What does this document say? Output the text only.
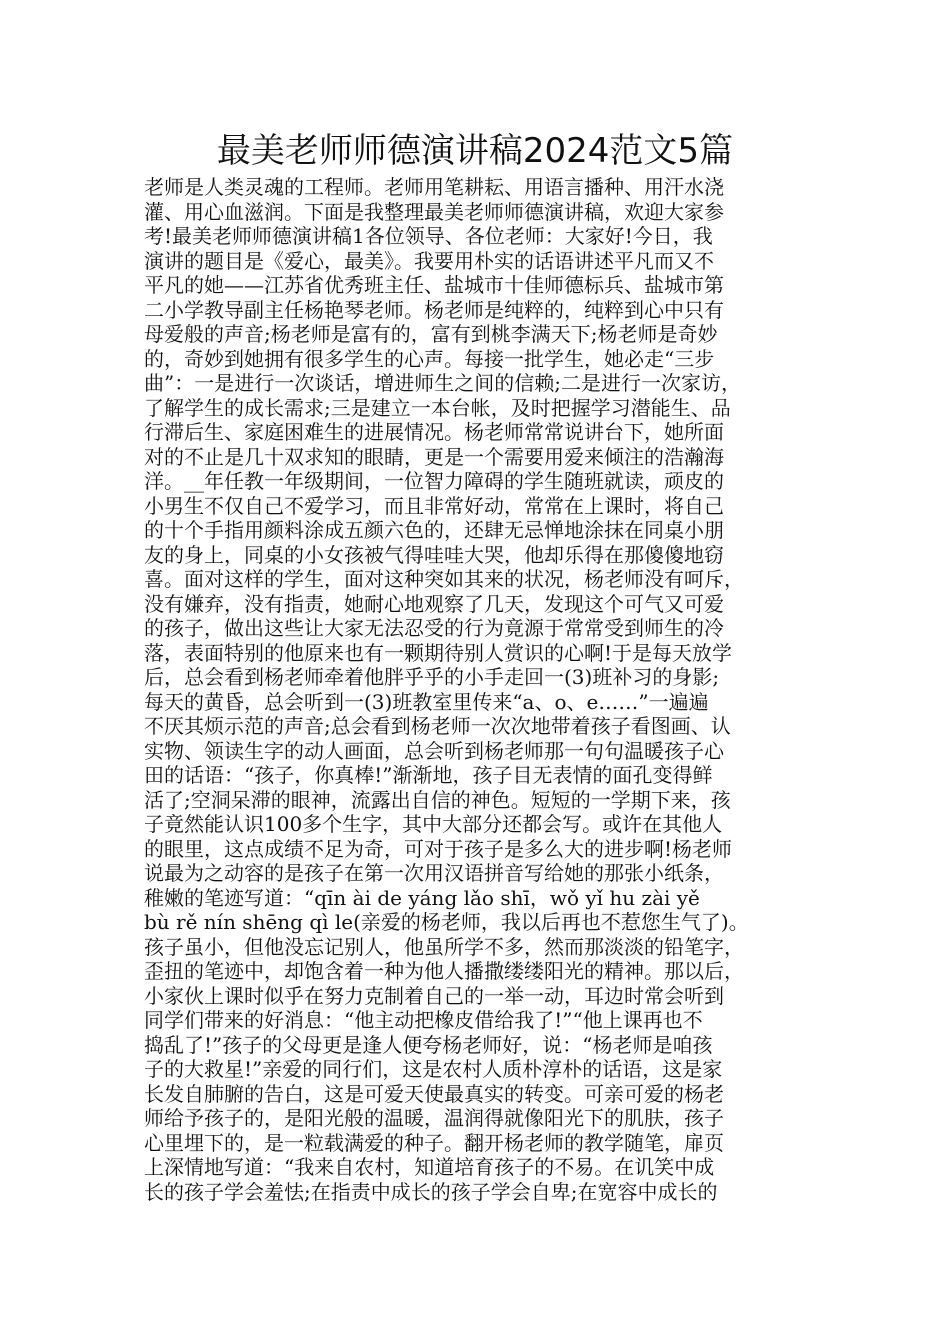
最美老师师德演讲稿2024范文5篇
老师是人类灵魂的工程师。老师用笔耕耘、用语言播种、用汗水浇
灌、用心血滋润。下面是我整理最美老师师德演讲稿，欢迎大家参
考!最美老师师德演讲稿1各位领导、各位老师：大家好!今日，我
演讲的题目是《爱心，最美》。我要用朴实的话语讲述平凡而又不
平凡的她——江苏省优秀班主任、盐城市十佳师德标兵、盐城市第
二小学教导副主任杨艳琴老师。杨老师是纯粹的，纯粹到心中只有
母爱般的声音;杨老师是富有的，富有到桃李满天下;杨老师是奇妙
的，奇妙到她拥有很多学生的心声。每接一批学生，她必走“三步
曲”：一是进行一次谈话，增进师生之间的信赖;二是进行一次家访，
了解学生的成长需求;三是建立一本台帐，及时把握学习潜能生、品
行滞后生、家庭困难生的进展情况。杨老师常常说讲台下，她所面
对的不止是几十双求知的眼睛，更是一个需要用爱来倾注的浩瀚海
洋。__年任教一年级期间，一位智力障碍的学生随班就读，顽皮的
小男生不仅自己不爱学习，而且非常好动，常常在上课时，将自己
的十个手指用颜料涂成五颜六色的，还肆无忌惮地涂抹在同桌小朋
友的身上，同桌的小女孩被气得哇哇大哭，他却乐得在那傻傻地窃
喜。面对这样的学生，面对这种突如其来的状况，杨老师没有呵斥，
没有嫌弃，没有指责，她耐心地观察了几天，发现这个可气又可爱
的孩子，做出这些让大家无法忍受的行为竟源于常常受到师生的冷
落，表面特别的他原来也有一颗期待别人赏识的心啊!于是每天放学
后，总会看到杨老师牵着他胖乎乎的小手走回一(3)班补习的身影;
每天的黄昏，总会听到一(3)班教室里传来“a、o、e……”一遍遍
不厌其烦示范的声音;总会看到杨老师一次次地带着孩子看图画、认
实物、领读生字的动人画面，总会听到杨老师那一句句温暖孩子心
田的话语：“孩子，你真棒!”渐渐地，孩子目无表情的面孔变得鲜
活了;空洞呆滞的眼神，流露出自信的神色。短短的一学期下来，孩
子竟然能认识100多个生字，其中大部分还都会写。或许在其他人
的眼里，这点成绩不足为奇，可对于孩子是多么大的进步啊!杨老师
说最为之动容的是孩子在第一次用汉语拼音写给她的那张小纸条，
稚嫩的笔迹写道：“qīn ài de yáng lǎo shī，wǒ yǐ hu zài yě
bù rě nín shēng qì le(亲爱的杨老师，我以后再也不惹您生气了)。
孩子虽小，但他没忘记别人，他虽所学不多，然而那淡淡的铅笔字，
歪扭的笔迹中，却饱含着一种为他人播撒缕缕阳光的精神。那以后，
小家伙上课时似乎在努力克制着自己的一举一动，耳边时常会听到
同学们带来的好消息：“他主动把橡皮借给我了!”“他上课再也不
捣乱了!”孩子的父母更是逢人便夸杨老师好，说：“杨老师是咱孩
子的大救星!”亲爱的同行们，这是农村人质朴淳朴的话语，这是家
长发自肺腑的告白，这是可爱天使最真实的转变。可亲可爱的杨老
师给予孩子的，是阳光般的温暖，温润得就像阳光下的肌肤，孩子
心里埋下的，是一粒载满爱的种子。翻开杨老师的教学随笔，扉页
上深情地写道：“我来自农村，知道培育孩子的不易。在讥笑中成
长的孩子学会羞怯;在指责中成长的孩子学会自卑;在宽容中成长的
